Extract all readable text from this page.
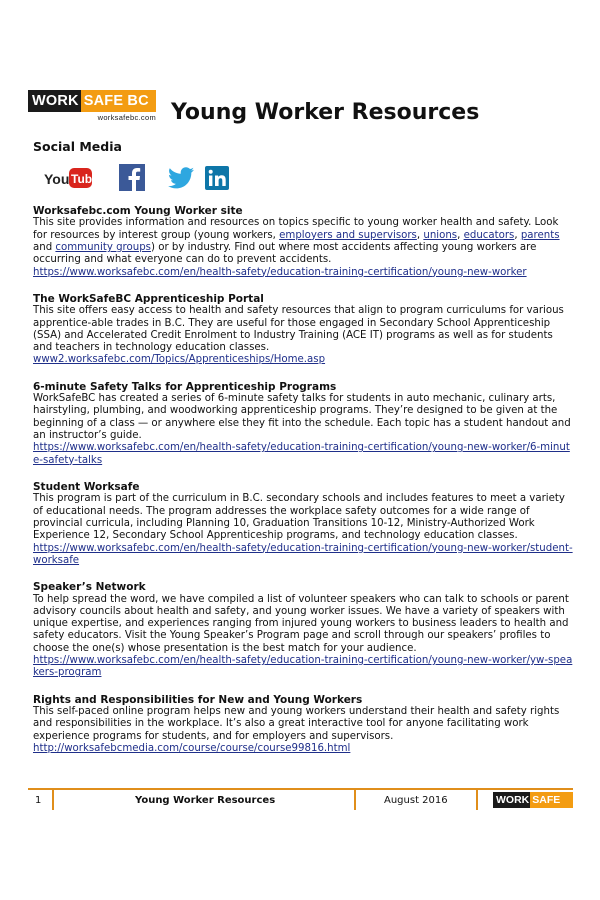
WORK SAFE BC
worksafebc.com Young Worker Resources
Social Media
You Tube
Worksafebc.com Young Worker site

This site provides information and resources on topics specific to young worker health and safety. Look for resources by interest group (young workers, employers and supervisors, unions, educators, parents and community groups) or by industry. Find out where most accidents affecting young workers are occurring and what everyone can do to prevent accidents.

https://www.worksafebc.com/en/health-safety/education-training-certification/young-new-worker
The WorkSafeBC Apprenticeship Portal

This site offers easy access to health and safety resources that align to program curriculums for various apprentice-able trades in B.C. They are useful for those engaged in Secondary School Apprenticeship (SSA) and Accelerated Credit Enrolment to Industry Training (ACE IT) programs as well as for students and teachers in technology education classes.

www2.worksafebc.com/Topics/Apprenticeships/Home.asp
6-minute Safety Talks for Apprenticeship Programs

WorkSafeBC has created a series of 6-minute safety talks for students in auto mechanic, culinary arts, hairstyling, plumbing, and woodworking apprenticeship programs. They’re designed to be given at the beginning of a class — or anywhere else they fit into the schedule. Each topic has a student handout and an instructor’s guide.

https://www.worksafebc.com/en/health-safety/education-training-certification/young-new-worker/6-minute-safety-talks
Student Worksafe

This program is part of the curriculum in B.C. secondary schools and includes features to meet a variety of educational needs. The program addresses the workplace safety outcomes for a wide range of provincial curricula, including Planning 10, Graduation Transitions 10-12, Ministry-Authorized Work Experience 12, Secondary School Apprenticeship programs, and technology education classes.

https://www.worksafebc.com/en/health-safety/education-training-certification/young-new-worker/student-worksafe
Speaker’s Network

To help spread the word, we have compiled a list of volunteer speakers who can talk to schools or parent advisory councils about health and safety, and young worker issues. We have a variety of speakers with unique expertise, and experiences ranging from injured young workers to business leaders to health and safety educators. Visit the Young Speaker’s Program page and scroll through our speakers’ profiles to choose the one(s) whose presentation is the best match for your audience.

https://www.worksafebc.com/en/health-safety/education-training-certification/young-new-worker/yw-speakers-program
Rights and Responsibilities for New and Young Workers

This self-paced online program helps new and young workers understand their health and safety rights and responsibilities in the workplace. It’s also a great interactive tool for anyone facilitating work experience programs for students, and for employers and supervisors.

http://worksafebcmedia.com/course/course/course99816.html
1	Young Worker Resources	August 2016	WORK SAFE BC
